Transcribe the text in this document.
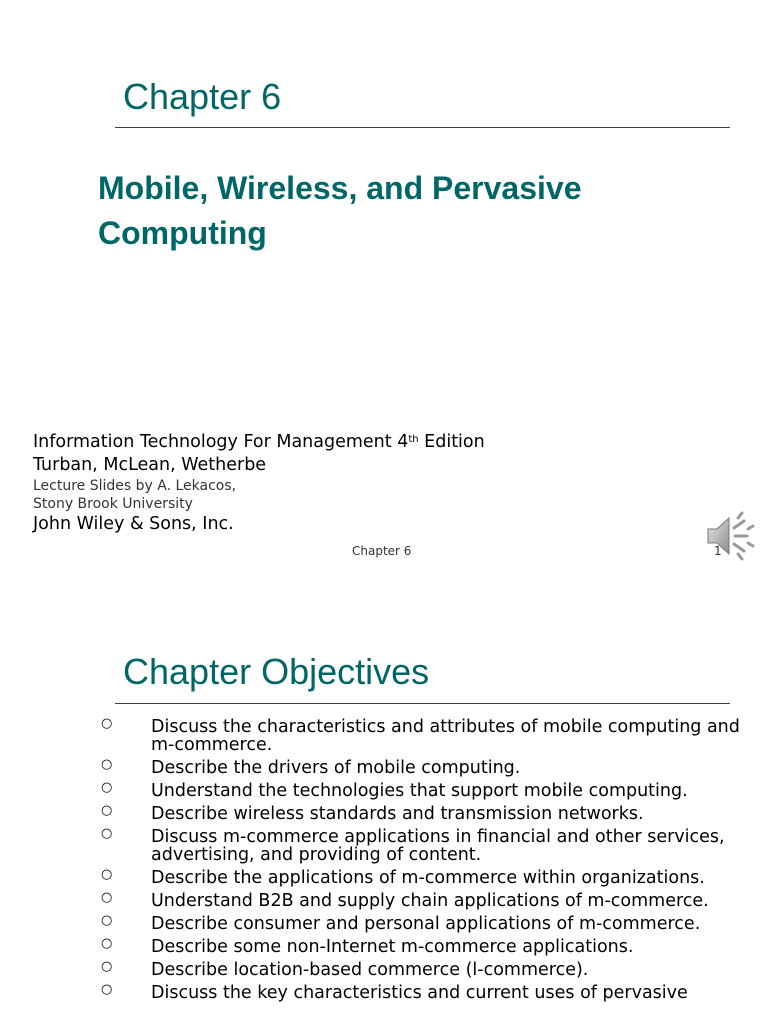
Chapter 6
Mobile, Wireless, and Pervasive Computing
Information Technology For Management 4th Edition
Turban, McLean, Wetherbe
Lecture Slides by A. Lekacos,
Stony Brook University
John Wiley & Sons, Inc.
Chapter 6	1
Chapter Objectives
○ Discuss the characteristics and attributes of mobile computing and m-commerce.
○ Describe the drivers of mobile computing.
○ Understand the technologies that support mobile computing.
○ Describe wireless standards and transmission networks.
○ Discuss m-commerce applications in financial and other services, advertising, and providing of content.
○ Describe the applications of m-commerce within organizations.
○ Understand B2B and supply chain applications of m-commerce.
○ Describe consumer and personal applications of m-commerce.
○ Describe some non-Internet m-commerce applications.
○ Describe location-based commerce (l-commerce).
○ Discuss the key characteristics and current uses of pervasive
